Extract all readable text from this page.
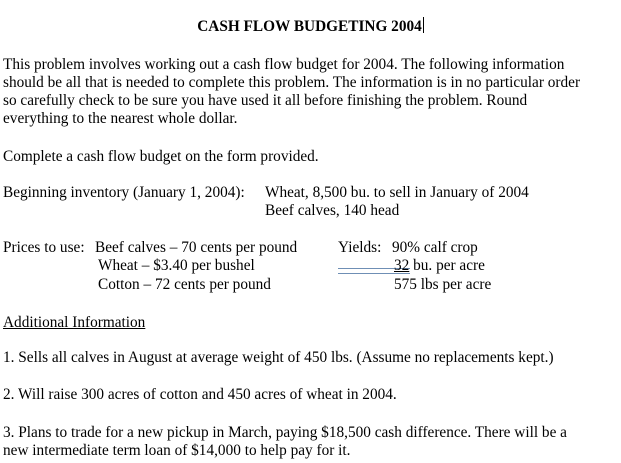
CASH FLOW BUDGETING 2004
This problem involves working out a cash flow budget for 2004. The following information
should be all that is needed to complete this problem. The information is in no particular order
so carefully check to be sure you have used it all before finishing the problem. Round
everything to the nearest whole dollar.
Complete a cash flow budget on the form provided.
Beginning inventory (January 1, 2004): Wheat, 8,500 bu. to sell in January of 2004
Beef calves, 140 head
Prices to use: Beef calves – 70 cents per pound
Wheat – $3.40 per bushel
Cotton – 72 cents per pound
Yields: 90% calf crop
32 bu. per acre
575 lbs per acre
Additional Information
1. Sells all calves in August at average weight of 450 lbs. (Assume no replacements kept.)
2. Will raise 300 acres of cotton and 450 acres of wheat in 2004.
3. Plans to trade for a new pickup in March, paying $18,500 cash difference. There will be a
new intermediate term loan of $14,000 to help pay for it.
